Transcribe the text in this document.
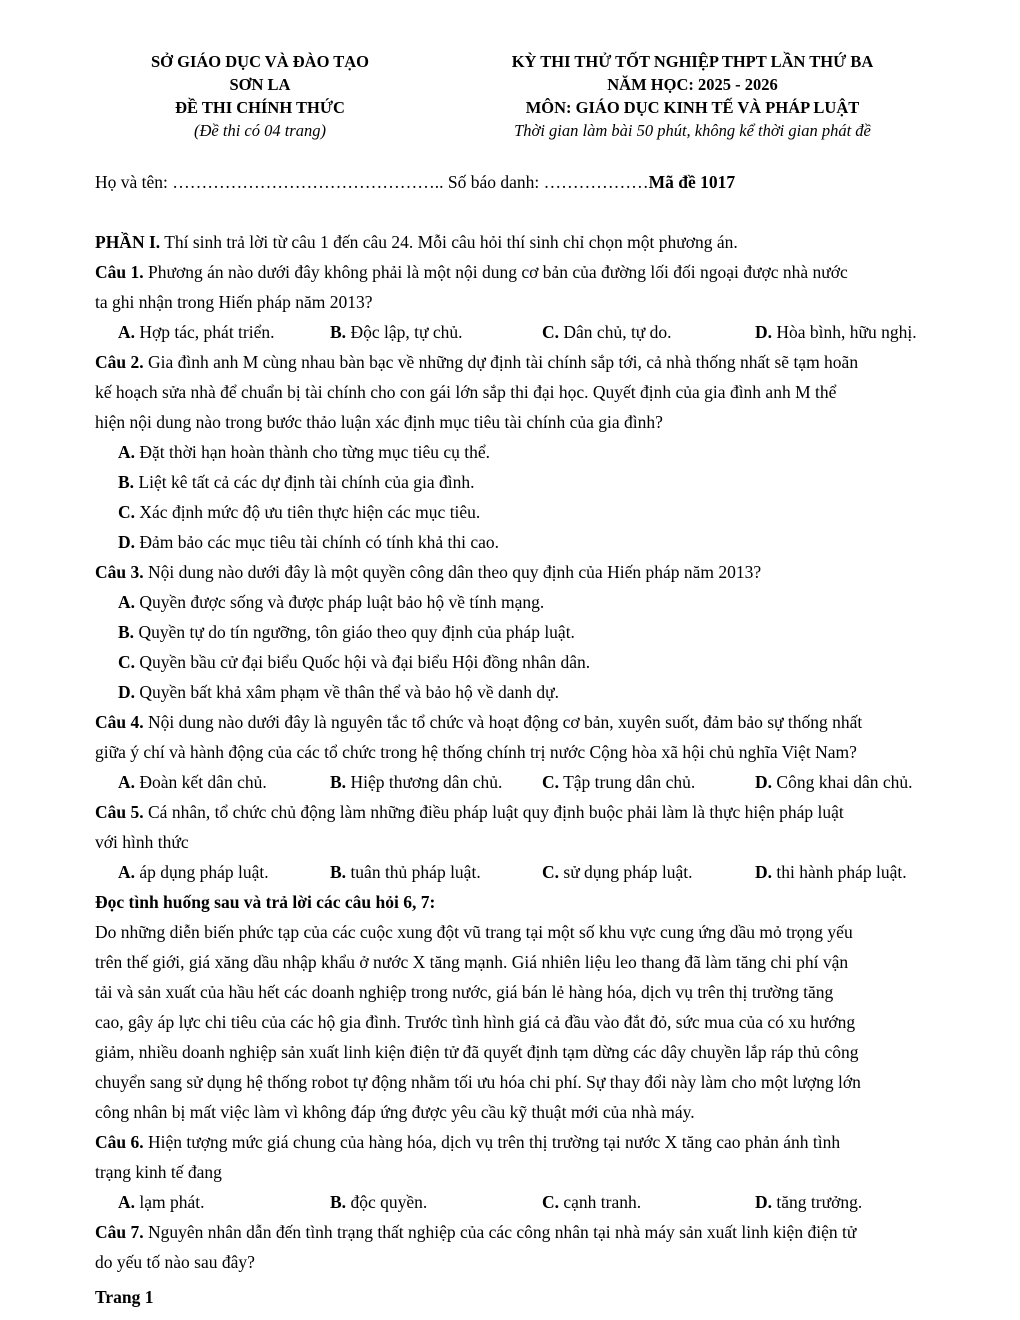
SỞ GIÁO DỤC VÀ ĐÀO TẠO
SƠN LA
ĐỀ THI CHÍNH THỨC
(Đề thi có 04 trang)
KỲ THI THỬ TỐT NGHIỆP THPT LẦN THỨ BA
NĂM HỌC: 2025 - 2026
MÔN: GIÁO DỤC KINH TẾ VÀ PHÁP LUẬT
Thời gian làm bài 50 phút, không kể thời gian phát đề
Họ và tên: ……………………………………….. Số báo danh: ………………Mã đề 1017
PHẦN I. Thí sinh trả lời từ câu 1 đến câu 24. Mỗi câu hỏi thí sinh chỉ chọn một phương án.
Câu 1. Phương án nào dưới đây không phải là một nội dung cơ bản của đường lối đối ngoại được nhà nước
ta ghi nhận trong Hiến pháp năm 2013?
A. Hợp tác, phát triển.	B. Độc lập, tự chủ.	C. Dân chủ, tự do.	D. Hòa bình, hữu nghị.
Câu 2. Gia đình anh M cùng nhau bàn bạc về những dự định tài chính sắp tới, cả nhà thống nhất sẽ tạm hoãn
kế hoạch sửa nhà để chuẩn bị tài chính cho con gái lớn sắp thi đại học. Quyết định của gia đình anh M thể
hiện nội dung nào trong bước thảo luận xác định mục tiêu tài chính của gia đình?
A. Đặt thời hạn hoàn thành cho từng mục tiêu cụ thể.
B. Liệt kê tất cả các dự định tài chính của gia đình.
C. Xác định mức độ ưu tiên thực hiện các mục tiêu.
D. Đảm bảo các mục tiêu tài chính có tính khả thi cao.
Câu 3. Nội dung nào dưới đây là một quyền công dân theo quy định của Hiến pháp năm 2013?
A. Quyền được sống và được pháp luật bảo hộ về tính mạng.
B. Quyền tự do tín ngưỡng, tôn giáo theo quy định của pháp luật.
C. Quyền bầu cử đại biểu Quốc hội và đại biểu Hội đồng nhân dân.
D. Quyền bất khả xâm phạm về thân thể và bảo hộ về danh dự.
Câu 4. Nội dung nào dưới đây là nguyên tắc tổ chức và hoạt động cơ bản, xuyên suốt, đảm bảo sự thống nhất
giữa ý chí và hành động của các tổ chức trong hệ thống chính trị nước Cộng hòa xã hội chủ nghĩa Việt Nam?
A. Đoàn kết dân chủ.	B. Hiệp thương dân chủ. C. Tập trung dân chủ.	D. Công khai dân chủ.
Câu 5. Cá nhân, tổ chức chủ động làm những điều pháp luật quy định buộc phải làm là thực hiện pháp luật
với hình thức
A. áp dụng pháp luật.	B. tuân thủ pháp luật.	C. sử dụng pháp luật.	D. thi hành pháp luật.
Đọc tình huống sau và trả lời các câu hỏi 6, 7:
Do những diễn biến phức tạp của các cuộc xung đột vũ trang tại một số khu vực cung ứng dầu mỏ trọng yếu
trên thế giới, giá xăng dầu nhập khẩu ở nước X tăng mạnh. Giá nhiên liệu leo thang đã làm tăng chi phí vận
tải và sản xuất của hầu hết các doanh nghiệp trong nước, giá bán lẻ hàng hóa, dịch vụ trên thị trường tăng
cao, gây áp lực chi tiêu của các hộ gia đình. Trước tình hình giá cả đầu vào đắt đỏ, sức mua của có xu hướng
giảm, nhiều doanh nghiệp sản xuất linh kiện điện tử đã quyết định tạm dừng các dây chuyền lắp ráp thủ công
chuyển sang sử dụng hệ thống robot tự động nhằm tối ưu hóa chi phí. Sự thay đổi này làm cho một lượng lớn
công nhân bị mất việc làm vì không đáp ứng được yêu cầu kỹ thuật mới của nhà máy.
Câu 6. Hiện tượng mức giá chung của hàng hóa, dịch vụ trên thị trường tại nước X tăng cao phản ánh tình
trạng kinh tế đang
A. lạm phát.	B. độc quyền.	C. cạnh tranh.	D. tăng trưởng.
Câu 7. Nguyên nhân dẫn đến tình trạng thất nghiệp của các công nhân tại nhà máy sản xuất linh kiện điện tử
do yếu tố nào sau đây?
Trang 1
